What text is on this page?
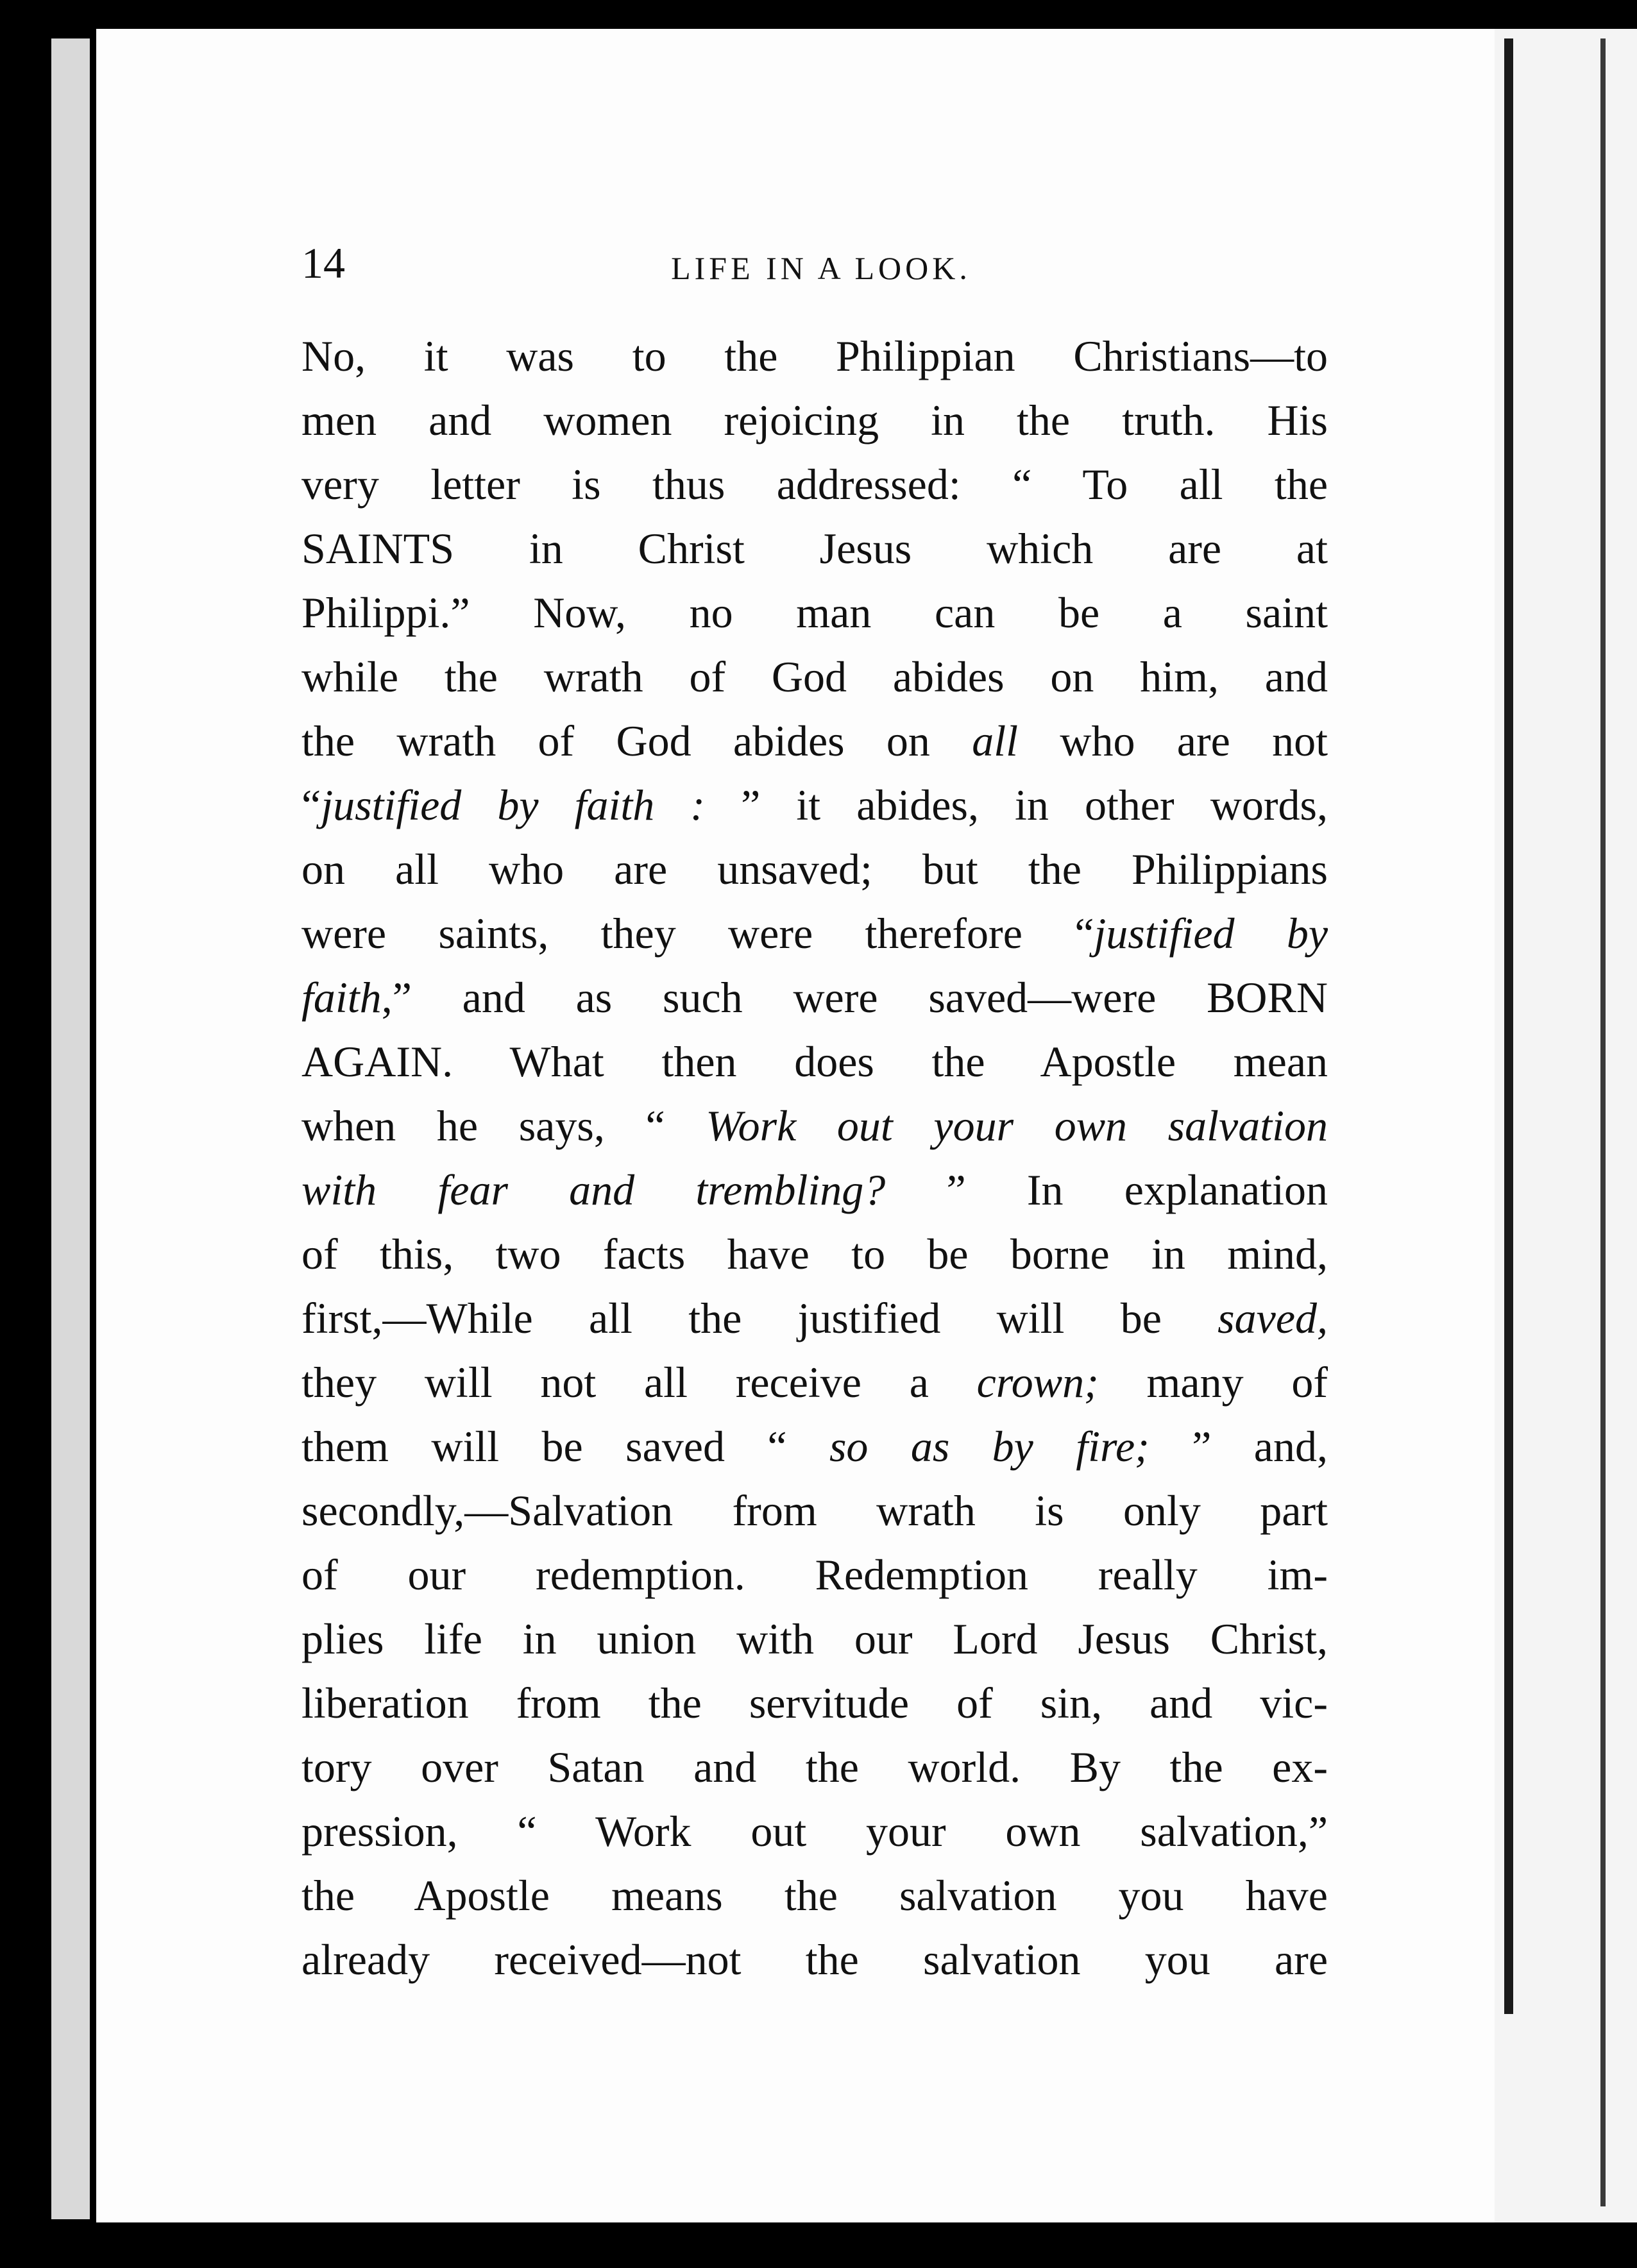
14	LIFE IN A LOOK.
No, it was to the Philippian Christians—to
men and women rejoicing in the truth. His
very letter is thus addressed: “ To all the
SAINTS in Christ Jesus which are at
Philippi.” Now, no man can be a saint
while the wrath of God abides on him, and
the wrath of God abides on all who are not
“justified by faith : ” it abides, in other words,
on all who are unsaved; but the Philippians
were saints, they were therefore “justified by
faith,” and as such were saved—were BORN
AGAIN. What then does the Apostle mean
when he says, “ Work out your own salvation
with fear and trembling? ” In explanation
of this, two facts have to be borne in mind,
first,—While all the justified will be saved,
they will not all receive a crown; many of
them will be saved “ so as by fire; ” and,
secondly,—Salvation from wrath is only part
of our redemption. Redemption really im-
plies life in union with our Lord Jesus Christ,
liberation from the servitude of sin, and vic-
tory over Satan and the world. By the ex-
pression, “ Work out your own salvation,”
the Apostle means the salvation you have
already received—not the salvation you are
